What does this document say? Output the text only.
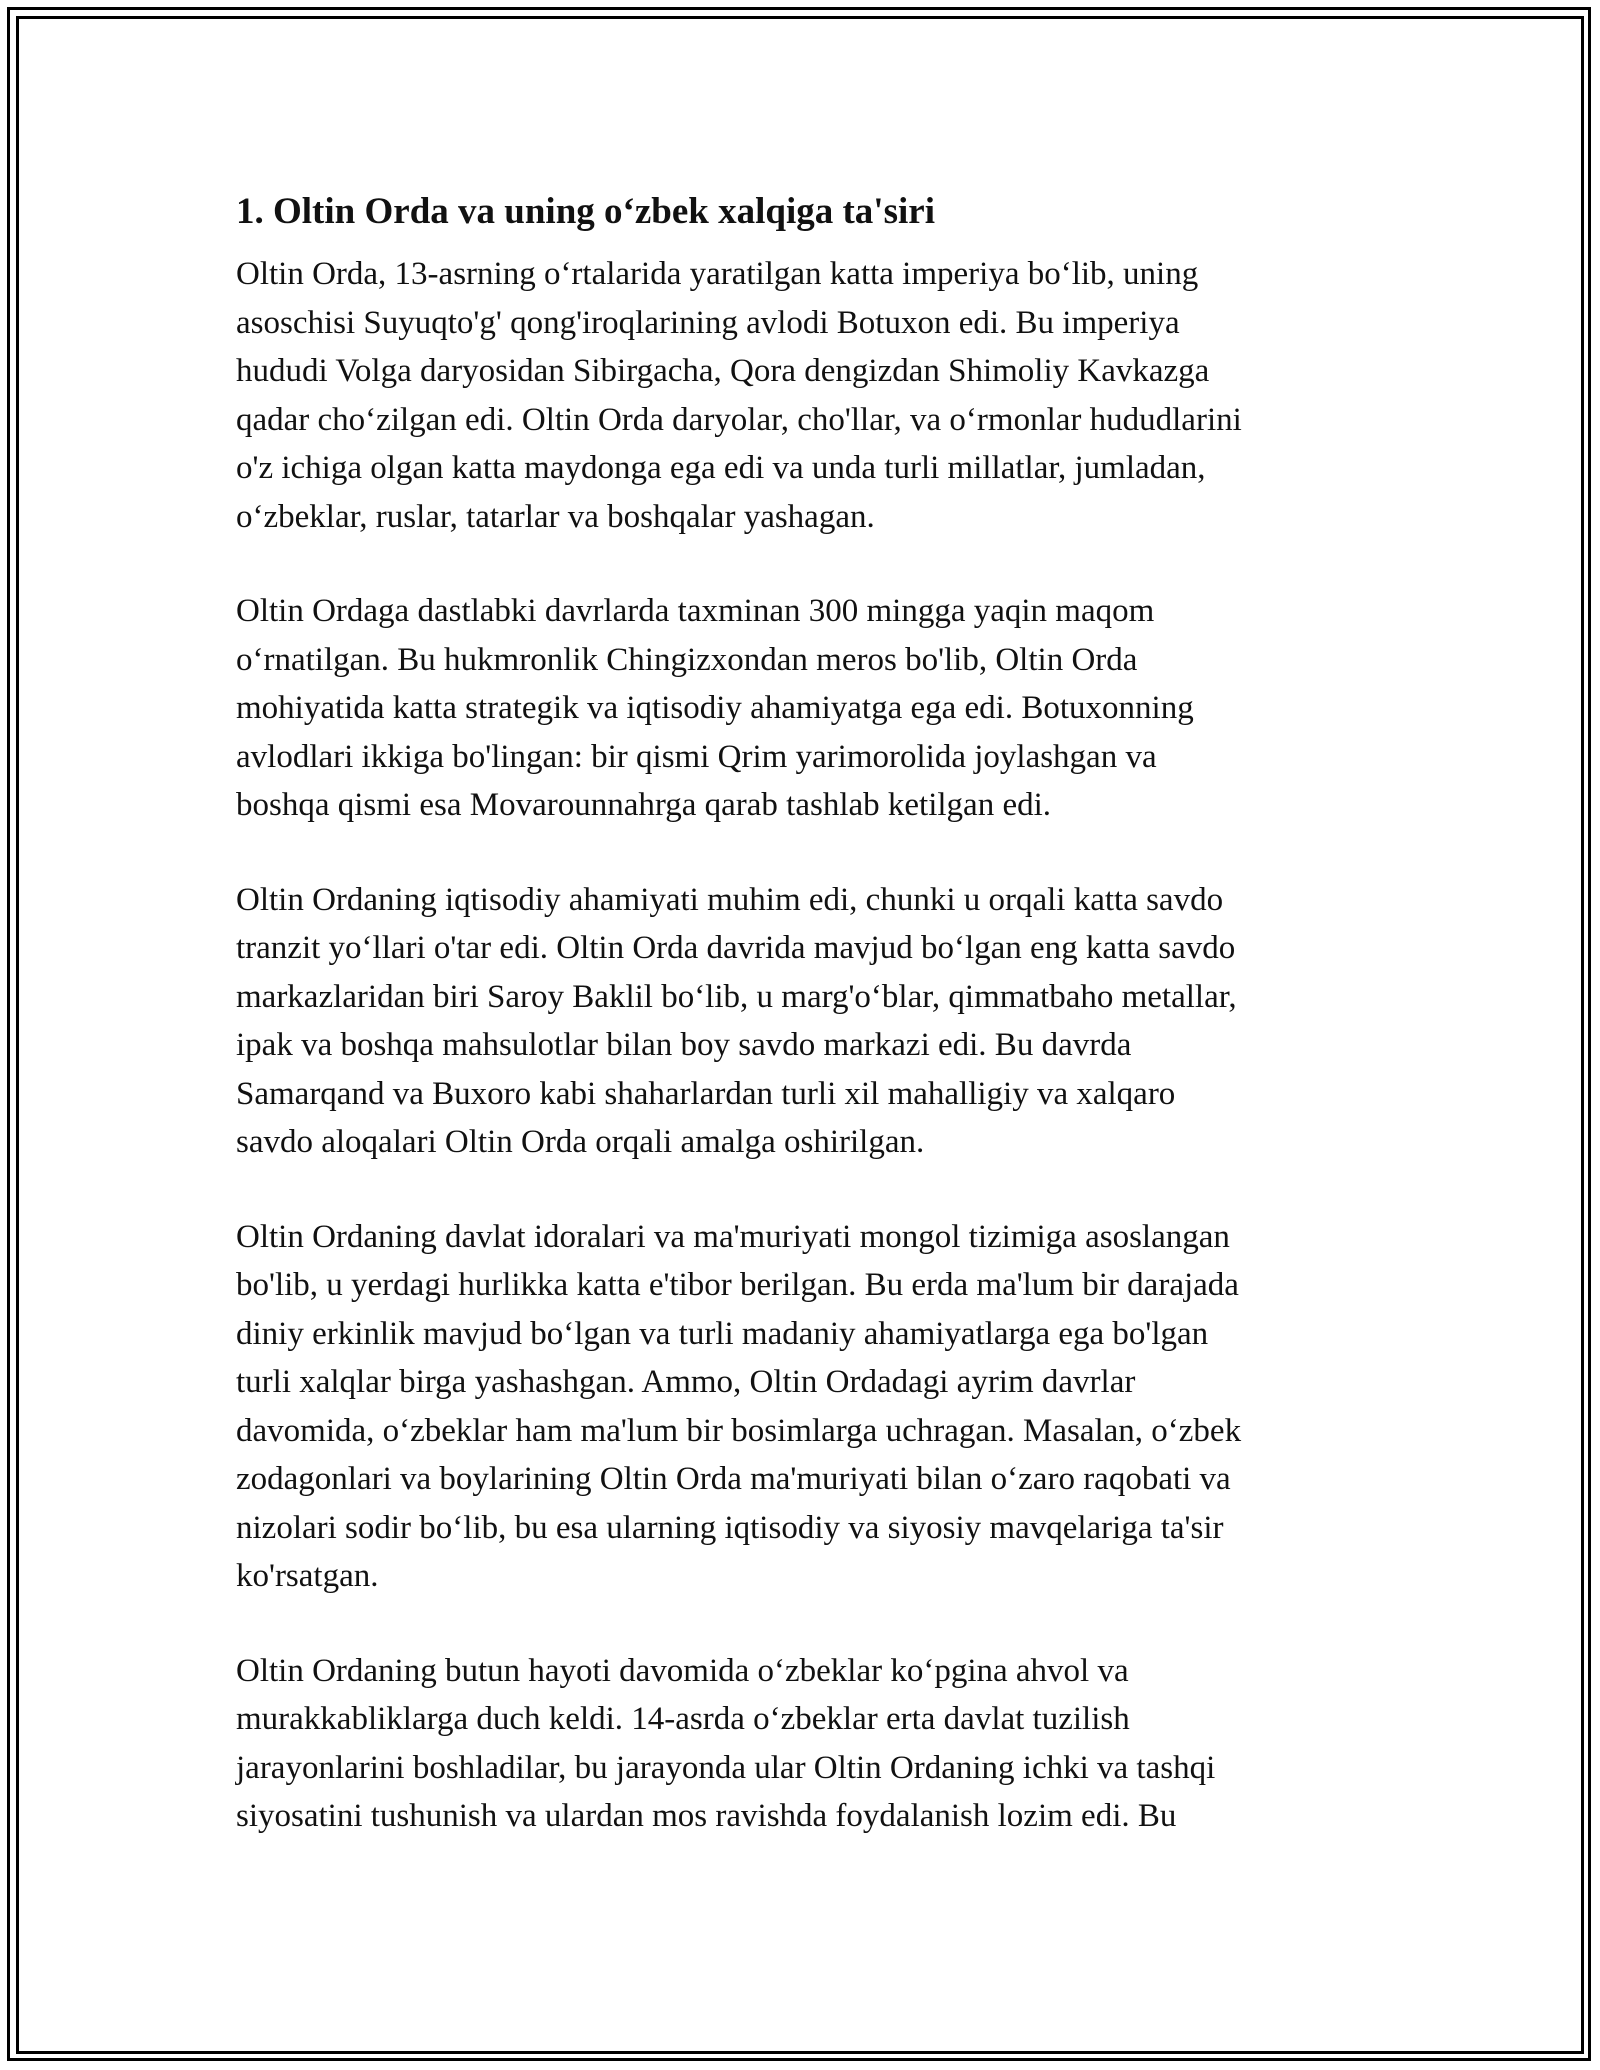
1. Oltin Orda va uning o‘zbek xalqiga ta'siri

Oltin Orda, 13-asrning o‘rtalarida yaratilgan katta imperiya bo‘lib, uning
asoschisi Suyuqto'g' qong'iroqlarining avlodi Botuxon edi. Bu imperiya
hududi Volga daryosidan Sibirgacha, Qora dengizdan Shimoliy Kavkazga
qadar cho‘zilgan edi. Oltin Orda daryolar, cho'llar, va o‘rmonlar hududlarini
o'z ichiga olgan katta maydonga ega edi va unda turli millatlar, jumladan,
o‘zbeklar, ruslar, tatarlar va boshqalar yashagan.

Oltin Ordaga dastlabki davrlarda taxminan 300 mingga yaqin maqom
o‘rnatilgan. Bu hukmronlik Chingizxondan meros bo'lib, Oltin Orda
mohiyatida katta strategik va iqtisodiy ahamiyatga ega edi. Botuxonning
avlodlari ikkiga bo'lingan: bir qismi Qrim yarimorolida joylashgan va
boshqa qismi esa Movarounnahrga qarab tashlab ketilgan edi.

Oltin Ordaning iqtisodiy ahamiyati muhim edi, chunki u orqali katta savdo
tranzit yo‘llari o'tar edi. Oltin Orda davrida mavjud bo‘lgan eng katta savdo
markazlaridan biri Saroy Baklil bo‘lib, u marg'o‘blar, qimmatbaho metallar,
ipak va boshqa mahsulotlar bilan boy savdo markazi edi. Bu davrda
Samarqand va Buxoro kabi shaharlardan turli xil mahalligiy va xalqaro
savdo aloqalari Oltin Orda orqali amalga oshirilgan.

Oltin Ordaning davlat idoralari va ma'muriyati mongol tizimiga asoslangan
bo'lib, u yerdagi hurlikka katta e'tibor berilgan. Bu erda ma'lum bir darajada
diniy erkinlik mavjud bo‘lgan va turli madaniy ahamiyatlarga ega bo'lgan
turli xalqlar birga yashashgan. Ammo, Oltin Ordadagi ayrim davrlar
davomida, o‘zbeklar ham ma'lum bir bosimlarga uchragan. Masalan, o‘zbek
zodagonlari va boylarining Oltin Orda ma'muriyati bilan o‘zaro raqobati va
nizolari sodir bo‘lib, bu esa ularning iqtisodiy va siyosiy mavqelariga ta'sir
ko'rsatgan.

Oltin Ordaning butun hayoti davomida o‘zbeklar ko‘pgina ahvol va
murakkabliklarga duch keldi. 14-asrda o‘zbeklar erta davlat tuzilish
jarayonlarini boshladilar, bu jarayonda ular Oltin Ordaning ichki va tashqi
siyosatini tushunish va ulardan mos ravishda foydalanish lozim edi. Bu
